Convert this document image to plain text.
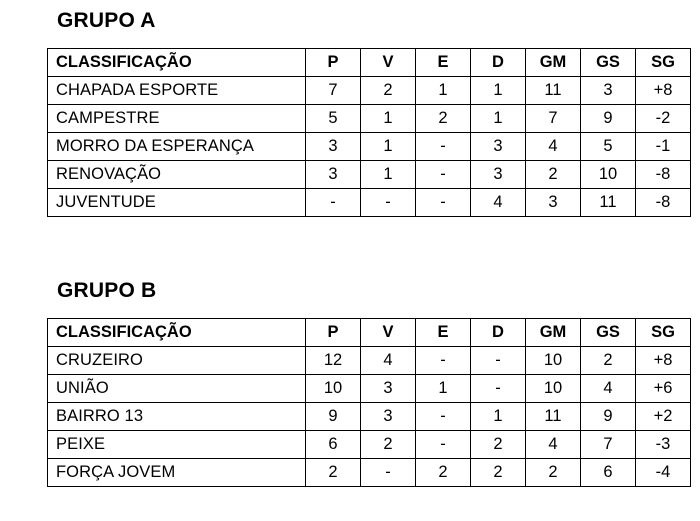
GRUPO A
CLASSIFICAÇÃO	P	V	E	D	GM	GS	SG
CHAPADA ESPORTE	7	2	1	1	11	3	+8
CAMPESTRE	5	1	2	1	7	9	-2
MORRO DA ESPERANÇA	3	1	-	3	4	5	-1
RENOVAÇÃO	3	1	-	3	2	10	-8
JUVENTUDE	-	-	-	4	3	11	-8
GRUPO B
CLASSIFICAÇÃO	P	V	E	D	GM	GS	SG
CRUZEIRO	12	4	-	-	10	2	+8
UNIÃO	10	3	1	-	10	4	+6
BAIRRO 13	9	3	-	1	11	9	+2
PEIXE	6	2	-	2	4	7	-3
FORÇA JOVEM	2	-	2	2	2	6	-4
